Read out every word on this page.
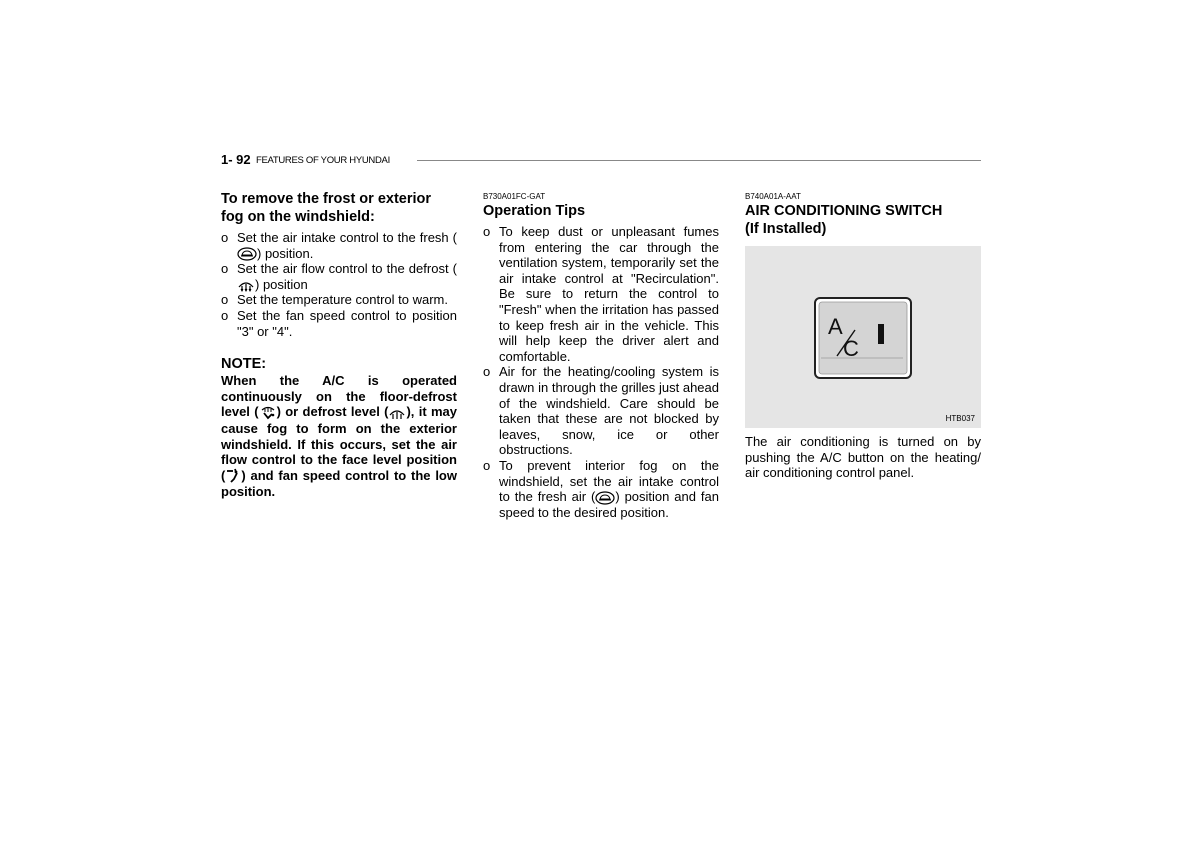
1- 92 FEATURES OF YOUR HYUNDAI

To remove the frost or exterior fog on the windshield:

o Set the air intake control to the fresh () position.
o Set the air flow control to the defrost () position
o Set the temperature control to warm.
o Set the fan speed control to position "3" or "4".
NOTE:
When the A/C is operated continuously on the floor-defrost level ( ) or defrost level ( ), it may cause fog to form on the exterior windshield. If this occurs, set the air flow control to the face level position ( ) and fan speed control to the low position.
B730A01FC-GAT

Operation Tips

o To keep dust or unpleasant fumes from entering the car through the ventilation system, temporarily set the air intake control at "Recirculation". Be sure to return the control to "Fresh" when the irritation has passed to keep fresh air in the vehicle. This will help keep the driver alert and comfortable.
o Air for the heating/cooling system is drawn in through the grilles just ahead of the windshield. Care should be taken that these are not blocked by leaves, snow, ice or other obstructions.
o To prevent interior fog on the windshield, set the air intake control to the fresh air ( ) position and fan speed to the desired position.
B740A01A-AAT

AIR CONDITIONING SWITCH

(If Installed)

A
C
HTB037
The air conditioning is turned on by pushing the A/C button on the heating/ air conditioning control panel.
